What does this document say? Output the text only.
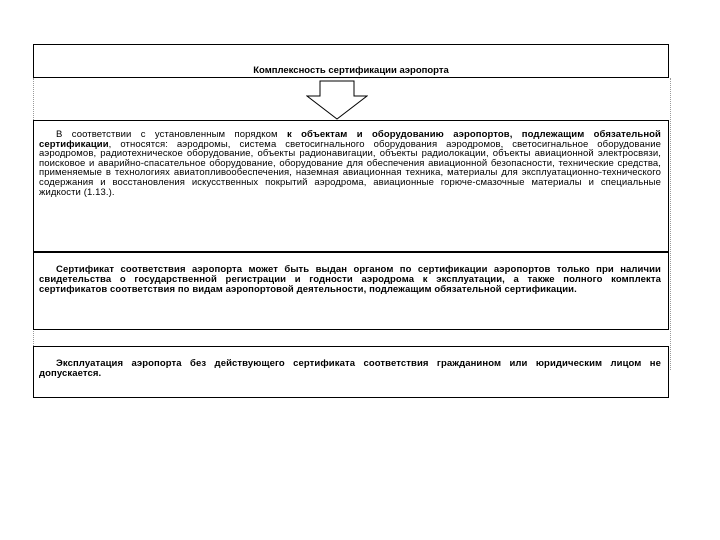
Комплексность сертификации аэропорта

В соответствии с установленным порядком к объектам и оборудованию аэропортов, подлежащим обязательной сертификации, относятся: аэродромы, система светосигнального оборудования аэродромов, светосигнальное оборудование аэродромов, радиотехническое оборудование, объекты радионавигации, объекты радиолокации, объекты авиационной электросвязи, поисковое и аварийно-спасательное оборудование, оборудование для обеспечения авиационной безопасности, технические средства, применяемые в технологиях авиатопливообеспечения, наземная авиационная техника, материалы для эксплуатационно-технического содержания и восстановления искусственных покрытий аэродрома, авиационные горюче-смазочные материалы и специальные жидкости (1.13.).

Сертификат соответствия аэропорта может быть выдан органом по сертификации аэропортов только при наличии свидетельства о государственной регистрации и годности аэродрома к эксплуатации, а также полного комплекта сертификатов соответствия по видам аэропортовой деятельности, подлежащим обязательной сертификации.

Эксплуатация аэропорта без действующего сертификата соответствия гражданином или юридическим лицом не допускается.
